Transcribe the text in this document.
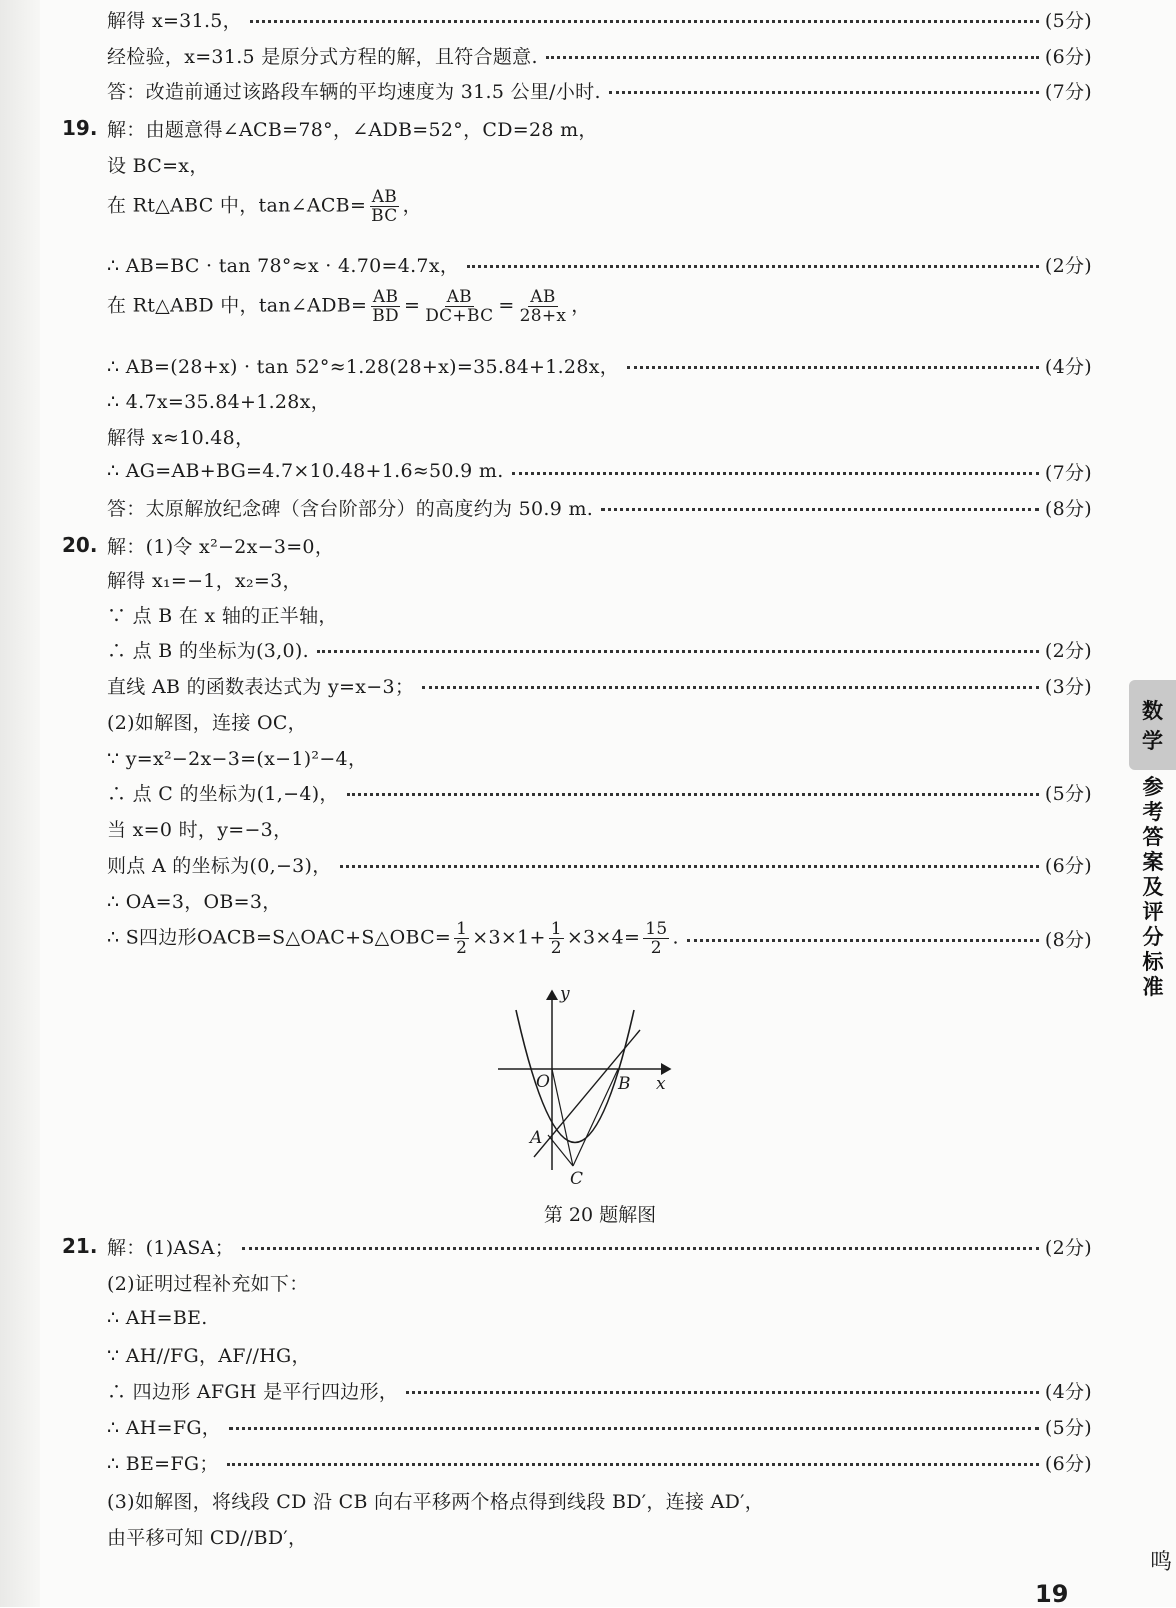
解得 x=31.5，	(5分)
经检验，x=31.5 是原分式方程的解，且符合题意.	(6分)
答：改造前通过该路段车辆的平均速度为 31.5 公里/小时.	(7分)
19. 解：由题意得∠ACB=78°，∠ADB=52°，CD=28 m，
设 BC=x，
在 Rt△ABC 中，tan∠ACB= $\frac{AB}{BC}$ ，
∴ AB=BC · tan 78°≈x · 4.70=4.7x，	(2分)
在 Rt△ABD 中，tan∠ADB= $\frac{AB}{BD} = \frac{AB}{DC+BC} = \frac{AB}{28+x}$ ，
∴ AB=(28+x) · tan 52°≈1.28(28+x)=35.84+1.28x，	(4分)
∴ 4.7x=35.84+1.28x，
解得 x≈10.48，
∴ AG=AB+BG=4.7×10.48+1.6≈50.9 m.	(7分)
答：太原解放纪念碑（含台阶部分）的高度约为 50.9 m.	(8分)
20. 解：(1)令 x²−2x−3=0，
解得 x₁=−1，x₂=3，
∵ 点 B 在 x 轴的正半轴，
∴ 点 B 的坐标为(3,0).	(2分)
直线 AB 的函数表达式为 y=x−3；	(3分)
(2)如解图，连接 OC，
∵ y=x²−2x−3=(x−1)²−4，
∴ 点 C 的坐标为(1,−4)，	(5分)
当 x=0 时，y=−3，
则点 A 的坐标为(0,−3)，	(6分)
∴ OA=3，OB=3，
∴ S四边形OACB=S△OAC+S△OBC= $\frac{1}{2} \times 3\times 1+ \frac{1}{2} \times 3\times 4= \frac{15}{2}$ .	(8分)
21. 解：(1)ASA；	(2分)
(2)证明过程补充如下：
∴ AH=BE.
∵ AH//FG，AF//HG，
∴ 四边形 AFGH 是平行四边形，	(4分)
∴ AH=FG，	(5分)
∴ BE=FG；	(6分)
(3)如解图，将线段 CD 沿 CB 向右平移两个格点得到线段 BD′，连接 AD′，
由平移可知 CD//BD′，
y
x
O	B
A
C
第 20 题解图
数
学
参考答案及评分标准
鸣
19
